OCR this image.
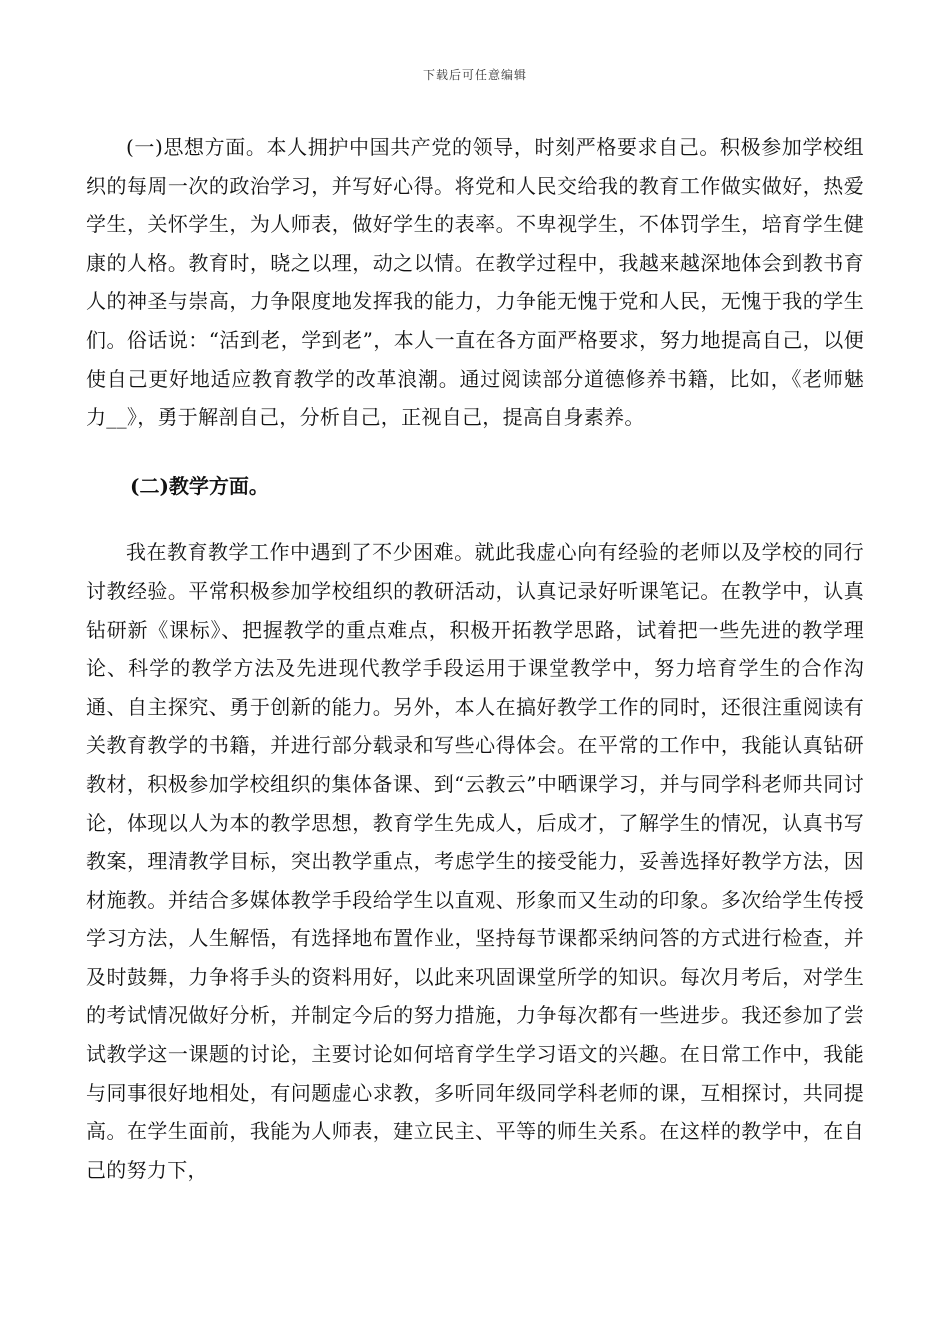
下载后可任意编辑

(一)思想方面。本人拥护中国共产党的领导，时刻严格要求自己。积极参加学校组织的每周一次的政治学习，并写好心得。将党和人民交给我的教育工作做实做好，热爱学生，关怀学生，为人师表，做好学生的表率。不卑视学生，不体罚学生，培育学生健康的人格。教育时，晓之以理，动之以情。在教学过程中，我越来越深地体会到教书育人的神圣与崇高，力争限度地发挥我的能力，力争能无愧于党和人民，无愧于我的学生们。俗话说：“活到老，学到老”，本人一直在各方面严格要求，努力地提高自己，以便使自己更好地适应教育教学的改革浪潮。通过阅读部分道德修养书籍，比如，《老师魅力__》，勇于解剖自己，分析自己，正视自己，提高自身素养。

(二)教学方面。

我在教育教学工作中遇到了不少困难。就此我虚心向有经验的老师以及学校的同行讨教经验。平常积极参加学校组织的教研活动，认真记录好听课笔记。在教学中，认真钻研新《课标》、把握教学的重点难点，积极开拓教学思路，试着把一些先进的教学理论、科学的教学方法及先进现代教学手段运用于课堂教学中，努力培育学生的合作沟通、自主探究、勇于创新的能力。另外，本人在搞好教学工作的同时，还很注重阅读有关教育教学的书籍，并进行部分载录和写些心得体会。在平常的工作中，我能认真钻研教材，积极参加学校组织的集体备课、到“云教云”中晒课学习，并与同学科老师共同讨论，体现以人为本的教学思想，教育学生先成人，后成才，了解学生的情况，认真书写教案，理清教学目标，突出教学重点，考虑学生的接受能力，妥善选择好教学方法，因材施教。并结合多媒体教学手段给学生以直观、形象而又生动的印象。多次给学生传授学习方法，人生解悟，有选择地布置作业，坚持每节课都采纳问答的方式进行检查，并及时鼓舞，力争将手头的资料用好，以此来巩固课堂所学的知识。每次月考后，对学生的考试情况做好分析，并制定今后的努力措施，力争每次都有一些进步。我还参加了尝试教学这一课题的讨论，主要讨论如何培育学生学习语文的兴趣。在日常工作中，我能与同事很好地相处，有问题虚心求教，多听同年级同学科老师的课，互相探讨，共同提高。在学生面前，我能为人师表，建立民主、平等的师生关系。在这样的教学中，在自己的努力下，
